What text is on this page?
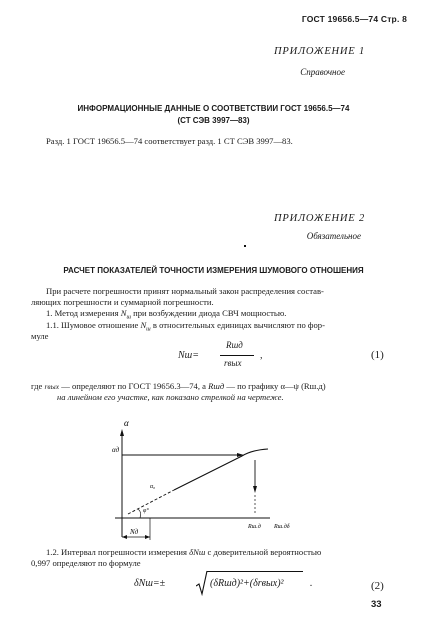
ГОСТ 19656.5—74 Стр. 8
ПРИЛОЖЕНИЕ 1
Справочное
ИНФОРМАЦИОННЫЕ ДАННЫЕ О СООТВЕТСТВИИ ГОСТ 19656.5—74
(СТ СЭВ 3997—83)
Разд. 1 ГОСТ 19656.5—74 соответствует разд. 1 СТ СЭВ 3997—83.
ПРИЛОЖЕНИЕ 2
Обязательное
РАСЧЕТ ПОКАЗАТЕЛЕЙ ТОЧНОСТИ ИЗМЕРЕНИЯ ШУМОВОГО ОТНОШЕНИЯ
При расчете погрешности принят нормальный закон распределения состав-
ляющих погрешности и суммарной погрешности.
1. Метод измерения $N_ш$ при возбуждении диода СВЧ мощностью.
1.1. Шумовое отношение $N_ш$ в относительных единицах вычисляют по фор-
муле
Nш=
Rшд
rвых
,	(1)
где rвых — определяют по ГОСТ 19656.3—74, а Rшд — по графику α—ψ (Rш.д)
на линейном его участке, как показано стрелкой на чертеже.
α
αд
α₀
φ°
Rш.д Rш.дδ
Nд
1.2. Интервал погрешности измерения δNш с доверительной вероятностью
0,997 определяют по формуле
δNш=±	(δRшд)²+(δrвых)²	.	(2)
33
